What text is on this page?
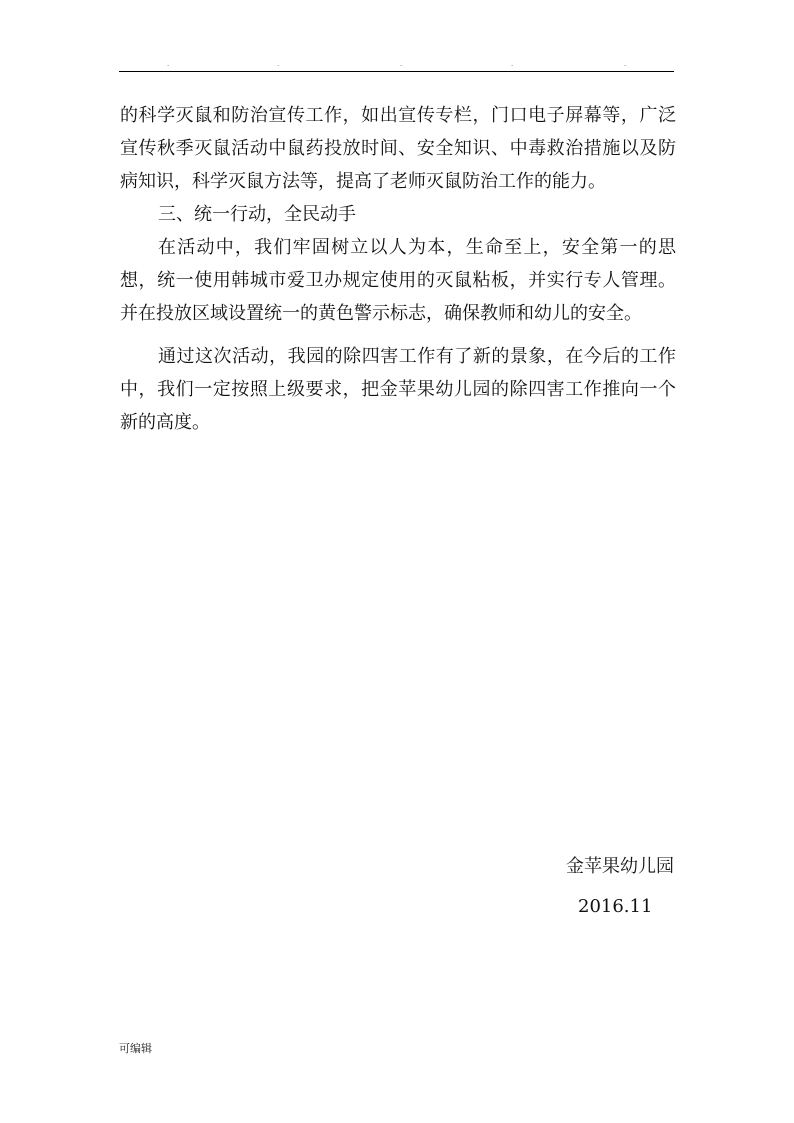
.	.	.	.	.

的科学灭鼠和防治宣传工作，如出宣传专栏，门口电子屏幕等，广泛宣传秋季灭鼠活动中鼠药投放时间、安全知识、中毒救治措施以及防病知识，科学灭鼠方法等，提高了老师灭鼠防治工作的能力。

三、统一行动，全民动手

在活动中，我们牢固树立以人为本，生命至上，安全第一的思想，统一使用韩城市爱卫办规定使用的灭鼠粘板，并实行专人管理。并在投放区域设置统一的黄色警示标志，确保教师和幼儿的安全。

通过这次活动，我园的除四害工作有了新的景象，在今后的工作中，我们一定按照上级要求，把金苹果幼儿园的除四害工作推向一个新的高度。

金苹果幼儿园
2016.11
可编辑
